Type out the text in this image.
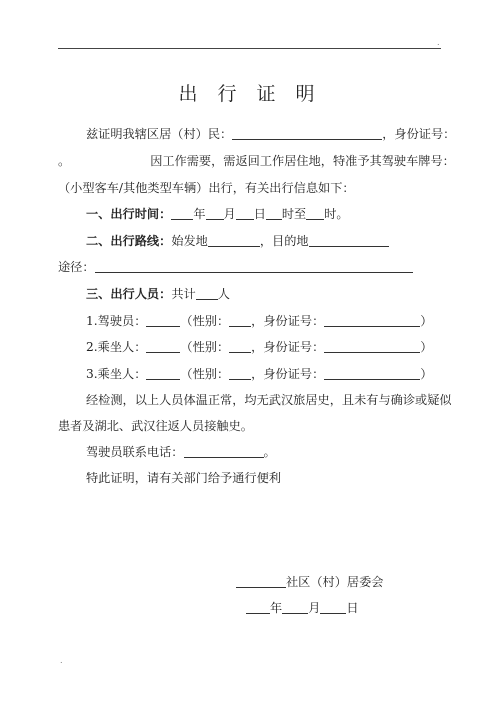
.
出 行 证 明
兹证明我辖区居（村）民：	，身份证号：
。	因工作需要，需返回工作居住地，特准予其驾驶车牌号：
（小型客车/其他类型车辆）出行，有关出行信息如下：
一、出行时间： 年 月 日 时至 时。
二、出行路线：始发地	，目的地
途径：
三、出行人员：共计 人
1.驾驶员：	（性别： ，身份证号：	）
2.乘坐人：	（性别： ，身份证号：	）
3.乘坐人：	（性别： ，身份证号：	）
经检测，以上人员体温正常，均无武汉旅居史，且未有与确诊或疑似
患者及湖北、武汉往返人员接触史。
驾驶员联系电话：	。
特此证明，请有关部门给予通行便利
社区（村）居委会
年 月 日
.
